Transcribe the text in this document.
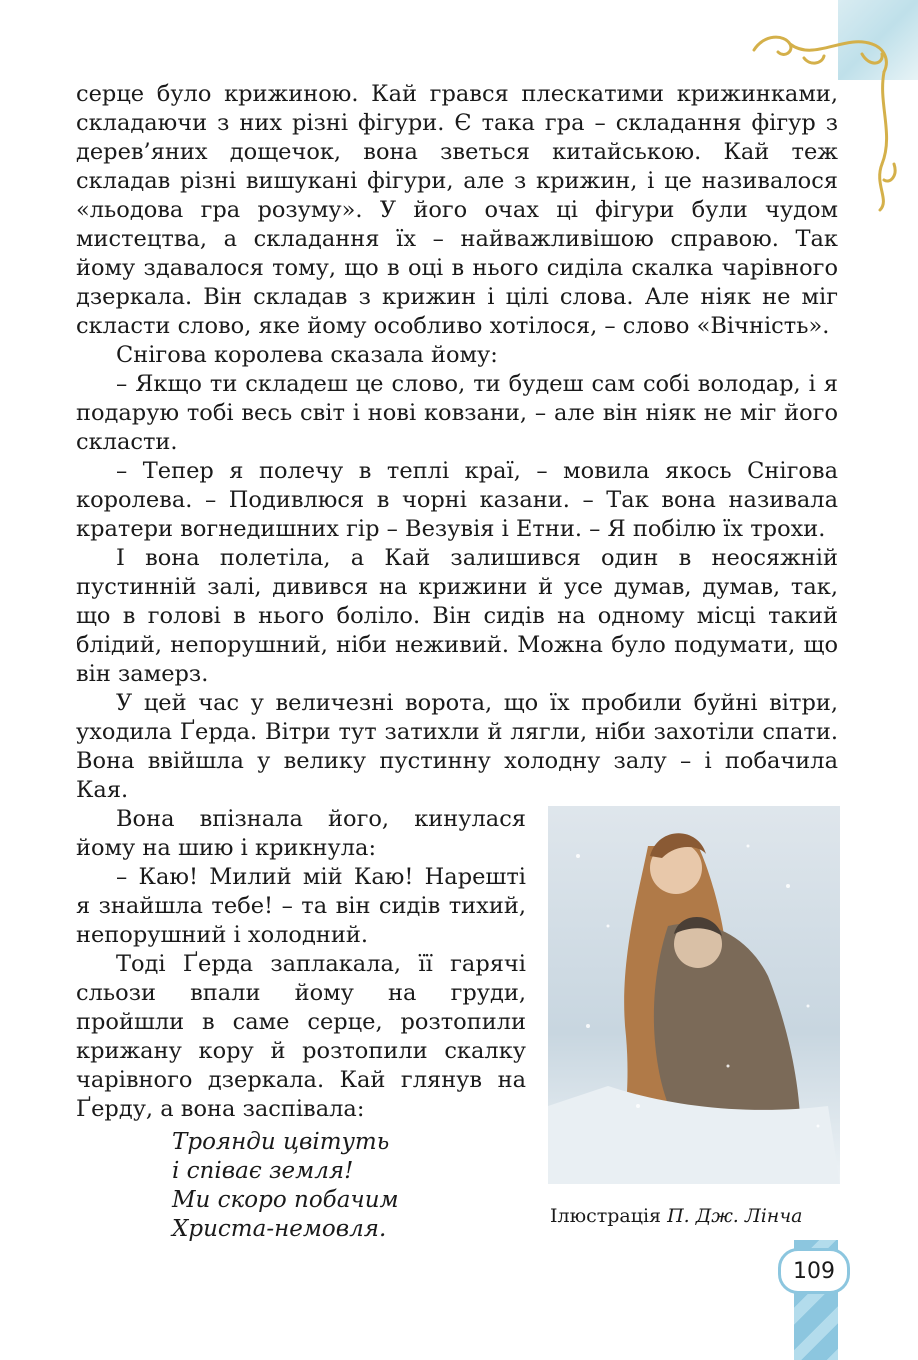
серце було крижиною. Кай грався плескатими крижинками, складаючи з них різні фігури. Є така гра – складання фігур з дерев’яних дощечок, вона зветься китайською. Кай теж складав різні вишукані фігури, але з крижин, і це називалося «льодова гра розуму». У його очах ці фігури були чудом мистецтва, а складання їх – найважливішою справою. Так йому здавалося тому, що в оці в нього сиділа скалка чарівного дзеркала. Він складав з крижин і цілі слова. Але ніяк не міг скласти слово, яке йому особливо хотілося, – слово «Вічність».

Снігова королева сказала йому:

– Якщо ти складеш це слово, ти будеш сам собі володар, і я подарую тобі весь світ і нові ковзани, – але він ніяк не міг його скласти.

– Тепер я полечу в теплі краї, – мовила якось Снігова королева. – Подивлюся в чорні казани. – Так вона називала кратери вогнедишних гір – Везувія і Етни. – Я побілю їх трохи.

І вона полетіла, а Кай залишився один в неосяжній пустинній залі, дивився на крижини й усе думав, думав, так, що в голові в нього боліло. Він сидів на одному місці такий блідий, непорушний, ніби неживий. Можна було подумати, що він замерз.

У цей час у величезні ворота, що їх пробили буйні вітри, уходила Ґерда. Вітри тут затихли й лягли, ніби захотіли спати. Вона ввійшла у велику пустинну холодну залу – і побачила Кая.

Вона впізнала його, кинулася йому на шию і крикнула:

– Каю! Милий мій Каю! Нарешті я знайшла тебе! – та він сидів тихий, непорушний і холодний.

Тоді Ґерда заплакала, її гарячі сльози впали йому на груди, пройшли в саме серце, розтопили крижану кору й розтопили скалку чарівного дзеркала. Кай глянув на Ґерду, а вона заспівала:

Троянди цвітуть
і співає земля!
Ми скоро побачим
Христа-немовля.	Ілюстрація П. Дж. Лінча
109
